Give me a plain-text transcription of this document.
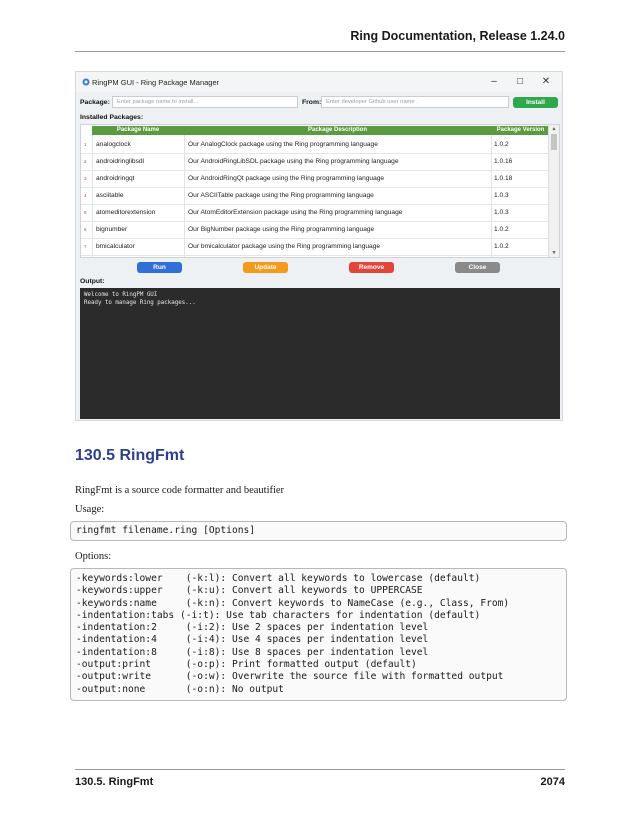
Ring Documentation, Release 1.24.0
RingPM GUI - Ring Package Manager	–	□	✕
Package:	Enter package name to install...	From: Enter developer Github user name .	Install
Installed Packages:
Package Name	Package Description	Package Version
1 analogclock	Our AnalogClock package using the Ring programming language	1.0.2
2 androidringlibsdl	Our AndroidRingLibSDL package using the Ring programming language	1.0.16
3 androidringqt	Our AndroidRingQt package using the Ring programming language	1.0.18
4 asciitable	Our ASCIITable package using the Ring programming language	1.0.3
5 atomeditorextension	Our AtomEditorExtension package using the Ring programming language	1.0.3
6 bignumber	Our BigNumber package using the Ring programming language	1.0.2
7 bmicalculator	Our bmicalculator package using the Ring programming language	1.0.2
▲
▼
Run	Update	Remove	Close
Output:
Welcome to RingPM GUI
Ready to manage Ring packages...
130.5 RingFmt
RingFmt is a source code formatter and beautifier
Usage:
ringfmt filename.ring [Options]
Options:
-keywords:lower    (-k:l): Convert all keywords to lowercase (default)
-keywords:upper    (-k:u): Convert all keywords to UPPERCASE
-keywords:name     (-k:n): Convert keywords to NameCase (e.g., Class, From)
-indentation:tabs (-i:t): Use tab characters for indentation (default)
-indentation:2     (-i:2): Use 2 spaces per indentation level
-indentation:4     (-i:4): Use 4 spaces per indentation level
-indentation:8     (-i:8): Use 8 spaces per indentation level
-output:print      (-o:p): Print formatted output (default)
-output:write      (-o:w): Overwrite the source file with formatted output
-output:none       (-o:n): No output
130.5. RingFmt	2074
